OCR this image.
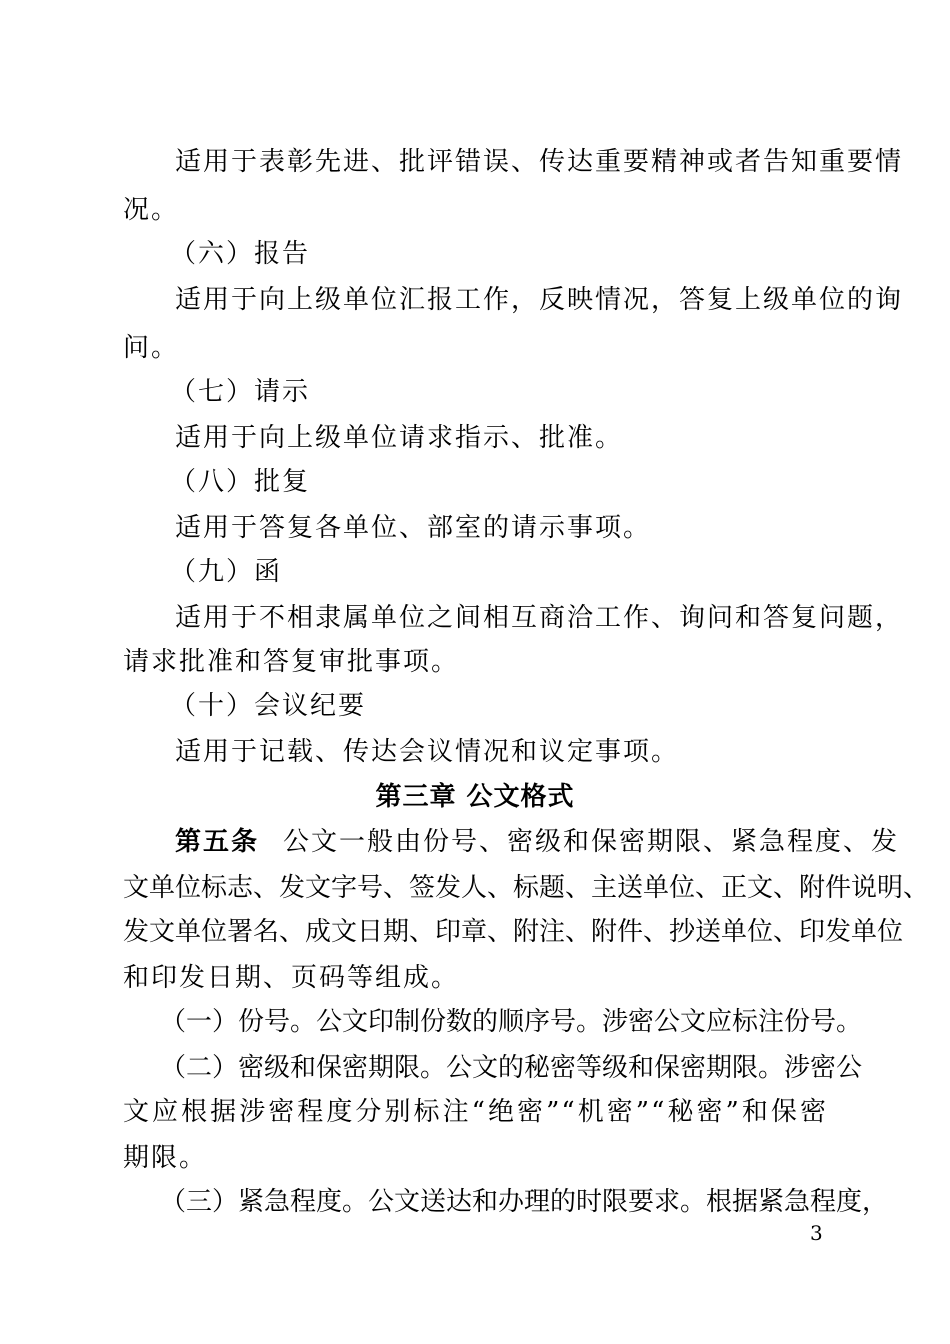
适用于表彰先进、批评错误、传达重要精神或者告知重要情
况。
（六）报告
适用于向上级单位汇报工作，反映情况，答复上级单位的询
问。
（七）请示
适用于向上级单位请求指示、批准。
（八）批复
适用于答复各单位、部室的请示事项。
（九）函
适用于不相隶属单位之间相互商洽工作、询问和答复问题，
请求批准和答复审批事项。
（十）会议纪要
适用于记载、传达会议情况和议定事项。
第三章 公文格式
第五条 公文一般由份号、密级和保密期限、紧急程度、发
文单位标志、发文字号、签发人、标题、主送单位、正文、附件说明、
发文单位署名、成文日期、印章、附注、附件、抄送单位、印发单位
和印发日期、页码等组成。
（一）份号。公文印制份数的顺序号。涉密公文应标注份号。
（二）密级和保密期限。公文的秘密等级和保密期限。涉密公
文应根据涉密程度分别标注“绝密”“机密”“秘密”和保密
期限。
（三）紧急程度。公文送达和办理的时限要求。根据紧急程度，
3
